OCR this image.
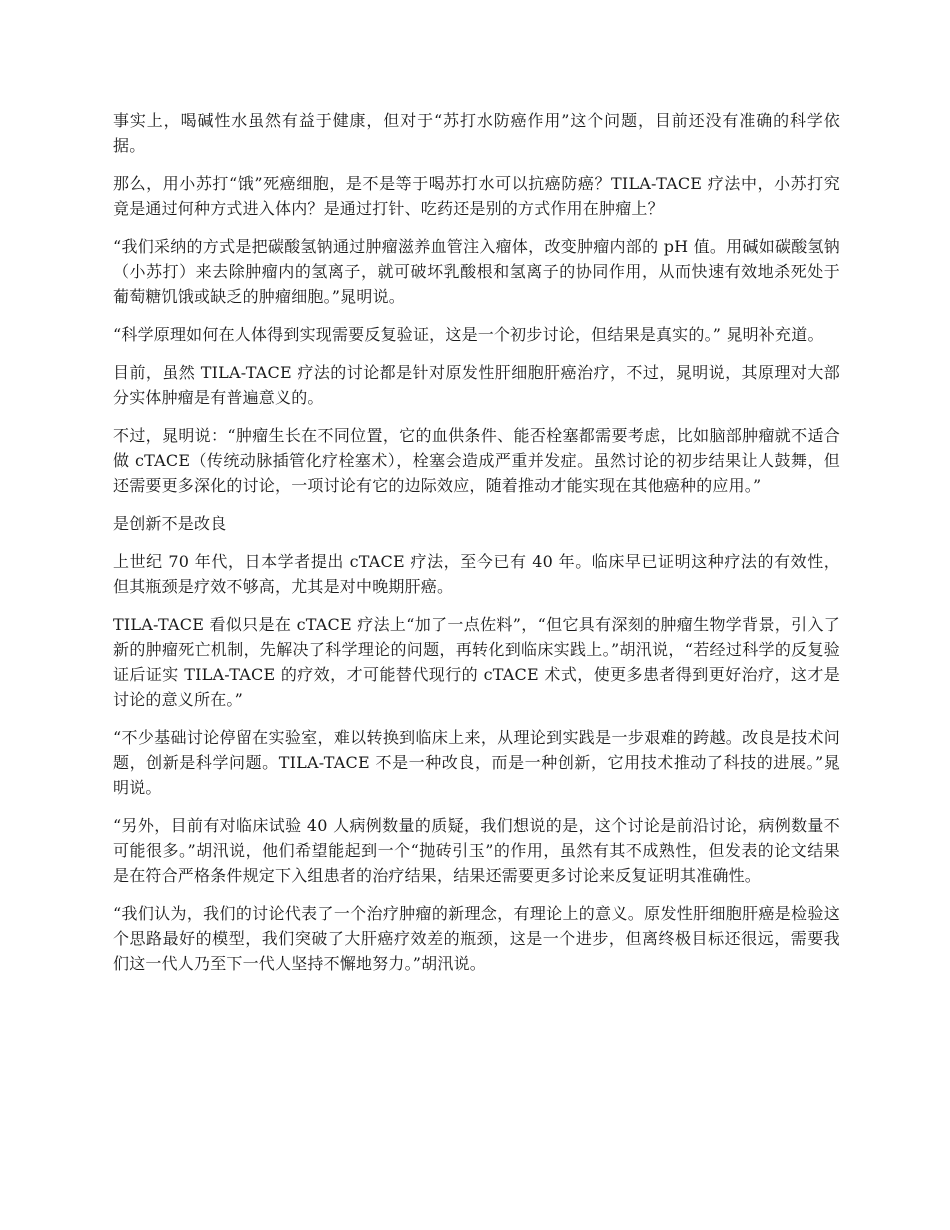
事实上，喝碱性水虽然有益于健康，但对于“苏打水防癌作用”这个问题，目前还没有准确的科学依据。

那么，用小苏打“饿”死癌细胞，是不是等于喝苏打水可以抗癌防癌？TILA-TACE 疗法中，小苏打究竟是通过何种方式进入体内？是通过打针、吃药还是别的方式作用在肿瘤上？

“我们采纳的方式是把碳酸氢钠通过肿瘤滋养血管注入瘤体，改变肿瘤内部的 pH 值。用碱如碳酸氢钠（小苏打）来去除肿瘤内的氢离子，就可破坏乳酸根和氢离子的协同作用，从而快速有效地杀死处于葡萄糖饥饿或缺乏的肿瘤细胞。”晁明说。

“科学原理如何在人体得到实现需要反复验证，这是一个初步讨论，但结果是真实的。” 晁明补充道。

目前，虽然 TILA-TACE 疗法的讨论都是针对原发性肝细胞肝癌治疗，不过，晁明说，其原理对大部分实体肿瘤是有普遍意义的。

不过，晁明说：“肿瘤生长在不同位置，它的血供条件、能否栓塞都需要考虑，比如脑部肿瘤就不适合做 cTACE（传统动脉插管化疗栓塞术），栓塞会造成严重并发症。虽然讨论的初步结果让人鼓舞，但还需要更多深化的讨论，一项讨论有它的边际效应，随着推动才能实现在其他癌种的应用。”

是创新不是改良

上世纪 70 年代，日本学者提出 cTACE 疗法，至今已有 40 年。临床早已证明这种疗法的有效性，但其瓶颈是疗效不够高，尤其是对中晚期肝癌。

TILA-TACE 看似只是在 cTACE 疗法上“加了一点佐料”，“但它具有深刻的肿瘤生物学背景，引入了新的肿瘤死亡机制，先解决了科学理论的问题，再转化到临床实践上。”胡汛说，“若经过科学的反复验证后证实 TILA-TACE 的疗效，才可能替代现行的 cTACE 术式，使更多患者得到更好治疗，这才是讨论的意义所在。”

“不少基础讨论停留在实验室，难以转换到临床上来，从理论到实践是一步艰难的跨越。改良是技术问题，创新是科学问题。TILA-TACE 不是一种改良，而是一种创新，它用技术推动了科技的进展。”晁明说。

“另外，目前有对临床试验 40 人病例数量的质疑，我们想说的是，这个讨论是前沿讨论，病例数量不可能很多。”胡汛说，他们希望能起到一个“抛砖引玉”的作用，虽然有其不成熟性，但发表的论文结果是在符合严格条件规定下入组患者的治疗结果，结果还需要更多讨论来反复证明其准确性。

“我们认为，我们的讨论代表了一个治疗肿瘤的新理念，有理论上的意义。原发性肝细胞肝癌是检验这个思路最好的模型，我们突破了大肝癌疗效差的瓶颈，这是一个进步，但离终极目标还很远，需要我们这一代人乃至下一代人坚持不懈地努力。”胡汛说。
